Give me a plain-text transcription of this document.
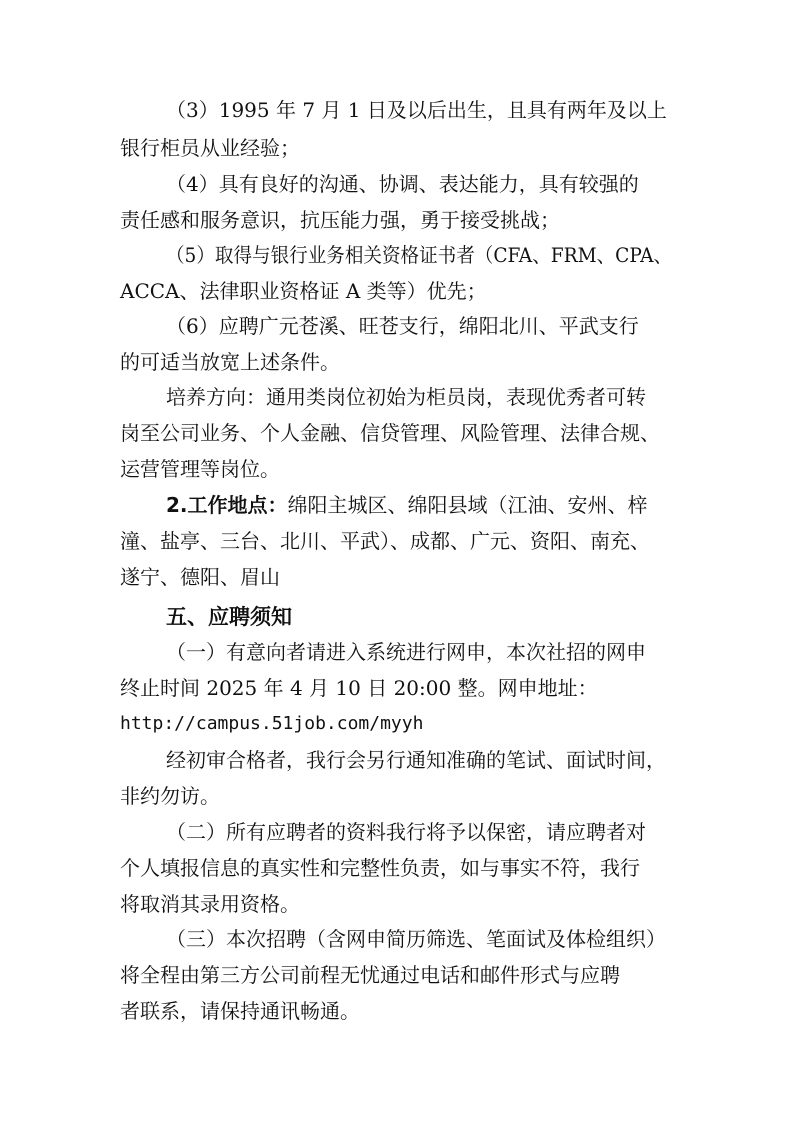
（3）1995 年 7 月 1 日及以后出生，且具有两年及以上
银行柜员从业经验；
（4）具有良好的沟通、协调、表达能力，具有较强的
责任感和服务意识，抗压能力强，勇于接受挑战；
（5）取得与银行业务相关资格证书者（CFA、FRM、CPA、
ACCA、法律职业资格证 A 类等）优先；
（6）应聘广元苍溪、旺苍支行，绵阳北川、平武支行
的可适当放宽上述条件。
培养方向：通用类岗位初始为柜员岗，表现优秀者可转
岗至公司业务、个人金融、信贷管理、风险管理、法律合规、
运营管理等岗位。
2.工作地点：绵阳主城区、绵阳县域（江油、安州、梓
潼、盐亭、三台、北川、平武）、成都、广元、资阳、南充、
遂宁、德阳、眉山
五、应聘须知
（一）有意向者请进入系统进行网申，本次社招的网申
终止时间 2025 年 4 月 10 日 20:00 整。网申地址：
http://campus.51job.com/myyh
经初审合格者，我行会另行通知准确的笔试、面试时间，
非约勿访。
（二）所有应聘者的资料我行将予以保密，请应聘者对
个人填报信息的真实性和完整性负责，如与事实不符，我行
将取消其录用资格。
（三）本次招聘（含网申简历筛选、笔面试及体检组织）
将全程由第三方公司前程无忧通过电话和邮件形式与应聘
者联系，请保持通讯畅通。
